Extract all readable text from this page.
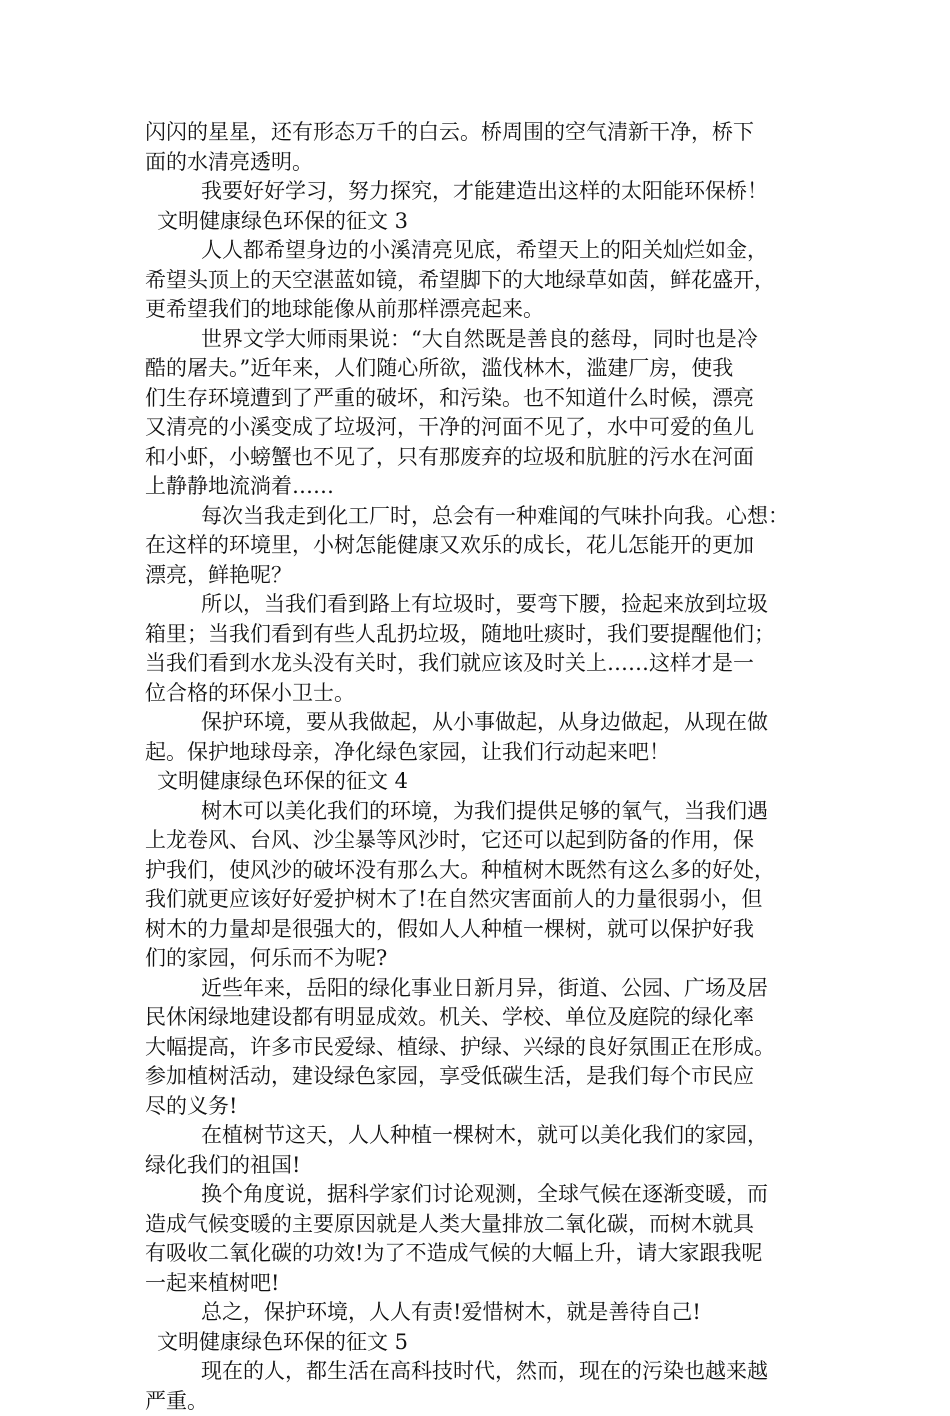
闪闪的星星，还有形态万千的白云。桥周围的空气清新干净，桥下
面的水清亮透明。
我要好好学习，努力探究，才能建造出这样的太阳能环保桥！
文明健康绿色环保的征文 3
人人都希望身边的小溪清亮见底，希望天上的阳关灿烂如金，
希望头顶上的天空湛蓝如镜，希望脚下的大地绿草如茵，鲜花盛开，
更希望我们的地球能像从前那样漂亮起来。
世界文学大师雨果说：“大自然既是善良的慈母，同时也是冷
酷的屠夫。”近年来，人们随心所欲，滥伐林木，滥建厂房，使我
们生存环境遭到了严重的破坏，和污染。也不知道什么时候，漂亮
又清亮的小溪变成了垃圾河，干净的河面不见了，水中可爱的鱼儿
和小虾，小螃蟹也不见了，只有那废弃的垃圾和肮脏的污水在河面
上静静地流淌着……
每次当我走到化工厂时，总会有一种难闻的气味扑向我。心想：
在这样的环境里，小树怎能健康又欢乐的成长，花儿怎能开的更加
漂亮，鲜艳呢？
所以，当我们看到路上有垃圾时，要弯下腰，捡起来放到垃圾
箱里；当我们看到有些人乱扔垃圾，随地吐痰时，我们要提醒他们；
当我们看到水龙头没有关时，我们就应该及时关上……这样才是一
位合格的环保小卫士。
保护环境，要从我做起，从小事做起，从身边做起，从现在做
起。保护地球母亲，净化绿色家园，让我们行动起来吧！
文明健康绿色环保的征文 4
树木可以美化我们的环境，为我们提供足够的氧气，当我们遇
上龙卷风、台风、沙尘暴等风沙时，它还可以起到防备的作用，保
护我们，使风沙的破坏没有那么大。种植树木既然有这么多的好处，
我们就更应该好好爱护树木了!在自然灾害面前人的力量很弱小，但
树木的力量却是很强大的，假如人人种植一棵树，就可以保护好我
们的家园，何乐而不为呢?
近些年来，岳阳的绿化事业日新月异，街道、公园、广场及居
民休闲绿地建设都有明显成效。机关、学校、单位及庭院的绿化率
大幅提高，许多市民爱绿、植绿、护绿、兴绿的良好氛围正在形成。
参加植树活动，建设绿色家园，享受低碳生活，是我们每个市民应
尽的义务!
在植树节这天，人人种植一棵树木，就可以美化我们的家园，
绿化我们的祖国!
换个角度说，据科学家们讨论观测，全球气候在逐渐变暖，而
造成气候变暖的主要原因就是人类大量排放二氧化碳，而树木就具
有吸收二氧化碳的功效!为了不造成气候的大幅上升，请大家跟我呢
一起来植树吧!
总之，保护环境，人人有责!爱惜树木，就是善待自己!
文明健康绿色环保的征文 5
现在的人，都生活在高科技时代，然而，现在的污染也越来越
严重。
